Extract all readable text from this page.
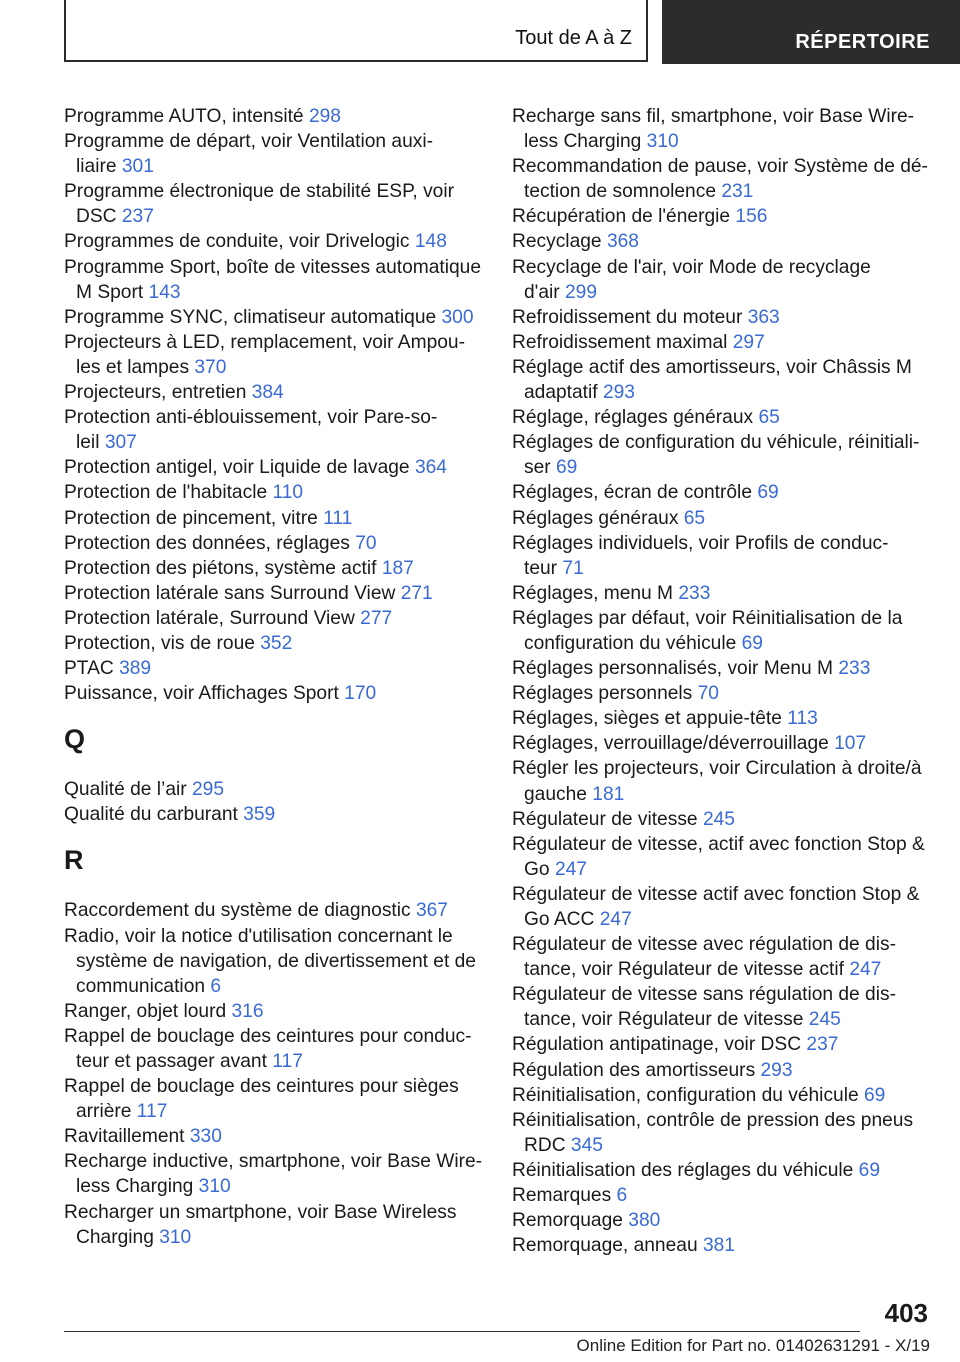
Tout de A à Z	RÉPERTOIRE
Programme AUTO, intensité 298
Programme de départ, voir Ventilation auxi-
liaire 301
Programme électronique de stabilité ESP, voir
DSC 237
Programmes de conduite, voir Drivelogic 148
Programme Sport, boîte de vitesses automatique
M Sport 143
Programme SYNC, climatiseur automatique 300
Projecteurs à LED, remplacement, voir Ampou-
les et lampes 370
Projecteurs, entretien 384
Protection anti-éblouissement, voir Pare-so-
leil 307
Protection antigel, voir Liquide de lavage 364
Protection de l'habitacle 110
Protection de pincement, vitre 111
Protection des données, réglages 70
Protection des piétons, système actif 187
Protection latérale sans Surround View 271
Protection latérale, Surround View 277
Protection, vis de roue 352
PTAC 389
Puissance, voir Affichages Sport 170
Q
Qualité de l’air 295
Qualité du carburant 359
R
Raccordement du système de diagnostic 367
Radio, voir la notice d'utilisation concernant le
système de navigation, de divertissement et de
communication 6
Ranger, objet lourd 316
Rappel de bouclage des ceintures pour conduc-
teur et passager avant 117
Rappel de bouclage des ceintures pour sièges
arrière 117
Ravitaillement 330
Recharge inductive, smartphone, voir Base Wire-
less Charging 310
Recharger un smartphone, voir Base Wireless
Charging 310
Recharge sans fil, smartphone, voir Base Wire-
less Charging 310
Recommandation de pause, voir Système de dé-
tection de somnolence 231
Récupération de l'énergie 156
Recyclage 368
Recyclage de l'air, voir Mode de recyclage
d'air 299
Refroidissement du moteur 363
Refroidissement maximal 297
Réglage actif des amortisseurs, voir Châssis M
adaptatif 293
Réglage, réglages généraux 65
Réglages de configuration du véhicule, réinitiali-
ser 69
Réglages, écran de contrôle 69
Réglages généraux 65
Réglages individuels, voir Profils de conduc-
teur 71
Réglages, menu M 233
Réglages par défaut, voir Réinitialisation de la
configuration du véhicule 69
Réglages personnalisés, voir Menu M 233
Réglages personnels 70
Réglages, sièges et appuie-tête 113
Réglages, verrouillage/déverrouillage 107
Régler les projecteurs, voir Circulation à droite/à
gauche 181
Régulateur de vitesse 245
Régulateur de vitesse, actif avec fonction Stop &
Go 247
Régulateur de vitesse actif avec fonction Stop &
Go ACC 247
Régulateur de vitesse avec régulation de dis-
tance, voir Régulateur de vitesse actif 247
Régulateur de vitesse sans régulation de dis-
tance, voir Régulateur de vitesse 245
Régulation antipatinage, voir DSC 237
Régulation des amortisseurs 293
Réinitialisation, configuration du véhicule 69
Réinitialisation, contrôle de pression des pneus
RDC 345
Réinitialisation des réglages du véhicule 69
Remarques 6
Remorquage 380
Remorquage, anneau 381
403
Online Edition for Part no. 01402631291 - X/19
